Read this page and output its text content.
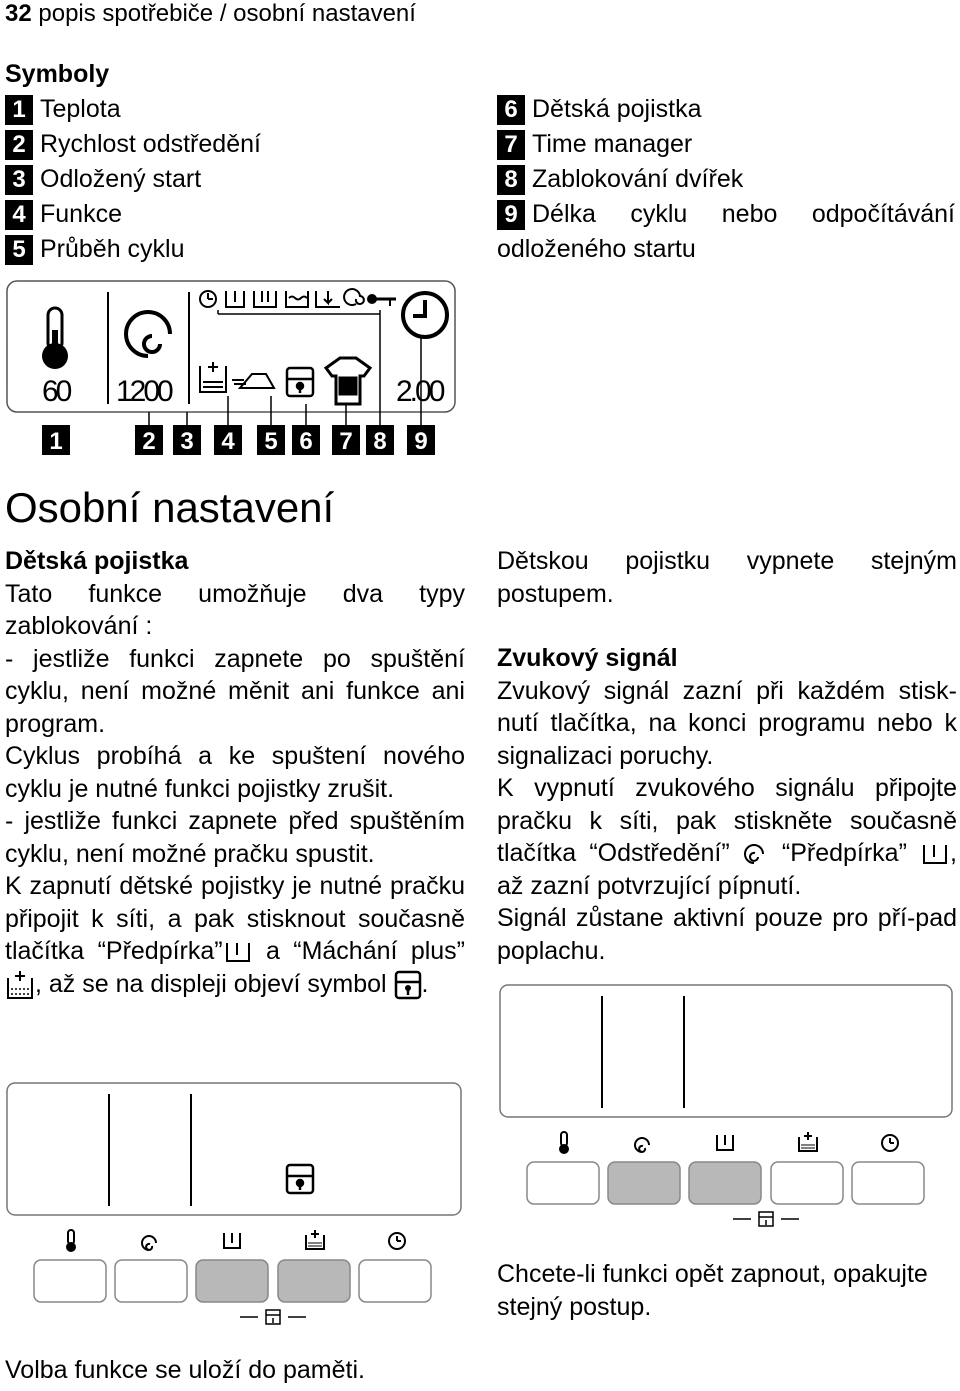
32 popis spotřebiče / osobní nastavení
Symboly
1 Teplota
2 Rychlost odstředění
3 Odložený start
4 Funkce
5 Průběh cyklu
6 Dětská pojistka
7 Time manager
8 Zablokování dvířek
9 Délka cyklu nebo odpočítávání
odloženého startu
60 1200	2.00
1	2 3 4 5 6 7 8 9
Osobní nastavení

Dětská pojistka

Tato funkce umožňuje dva typy zablokování :

- jestliže funkci zapnete po spuštění cyklu, není možné měnit ani funkce ani program.

Cyklus probíhá a ke spuštení nového cyklu je nutné funkci pojistky zrušit.

- jestliže funkci zapnete před spuštěním cyklu, není možné pračku spustit.

K zapnutí dětské pojistky je nutné pračku připojit k síti, a pak stisknout současně tlačítka “Předpírka” a “Máchání plus” , až se na displeji objeví symbol .

Dětskou pojistku vypnete stejným postupem.

Zvukový signál

Zvukový signál zazní při každém stisk-nutí tlačítka, na konci programu nebo k signalizaci poruchy.

K vypnutí zvukového signálu připojte pračku k síti, pak stiskněte současně tlačítka “Odstředění”  “Předpírka” , až zazní potvrzující pípnutí.

Signál zůstane aktivní pouze pro pří-pad poplachu.

Chcete-li funkci opět zapnout, opakujte stejný postup.
Volba funkce se uloží do paměti.
